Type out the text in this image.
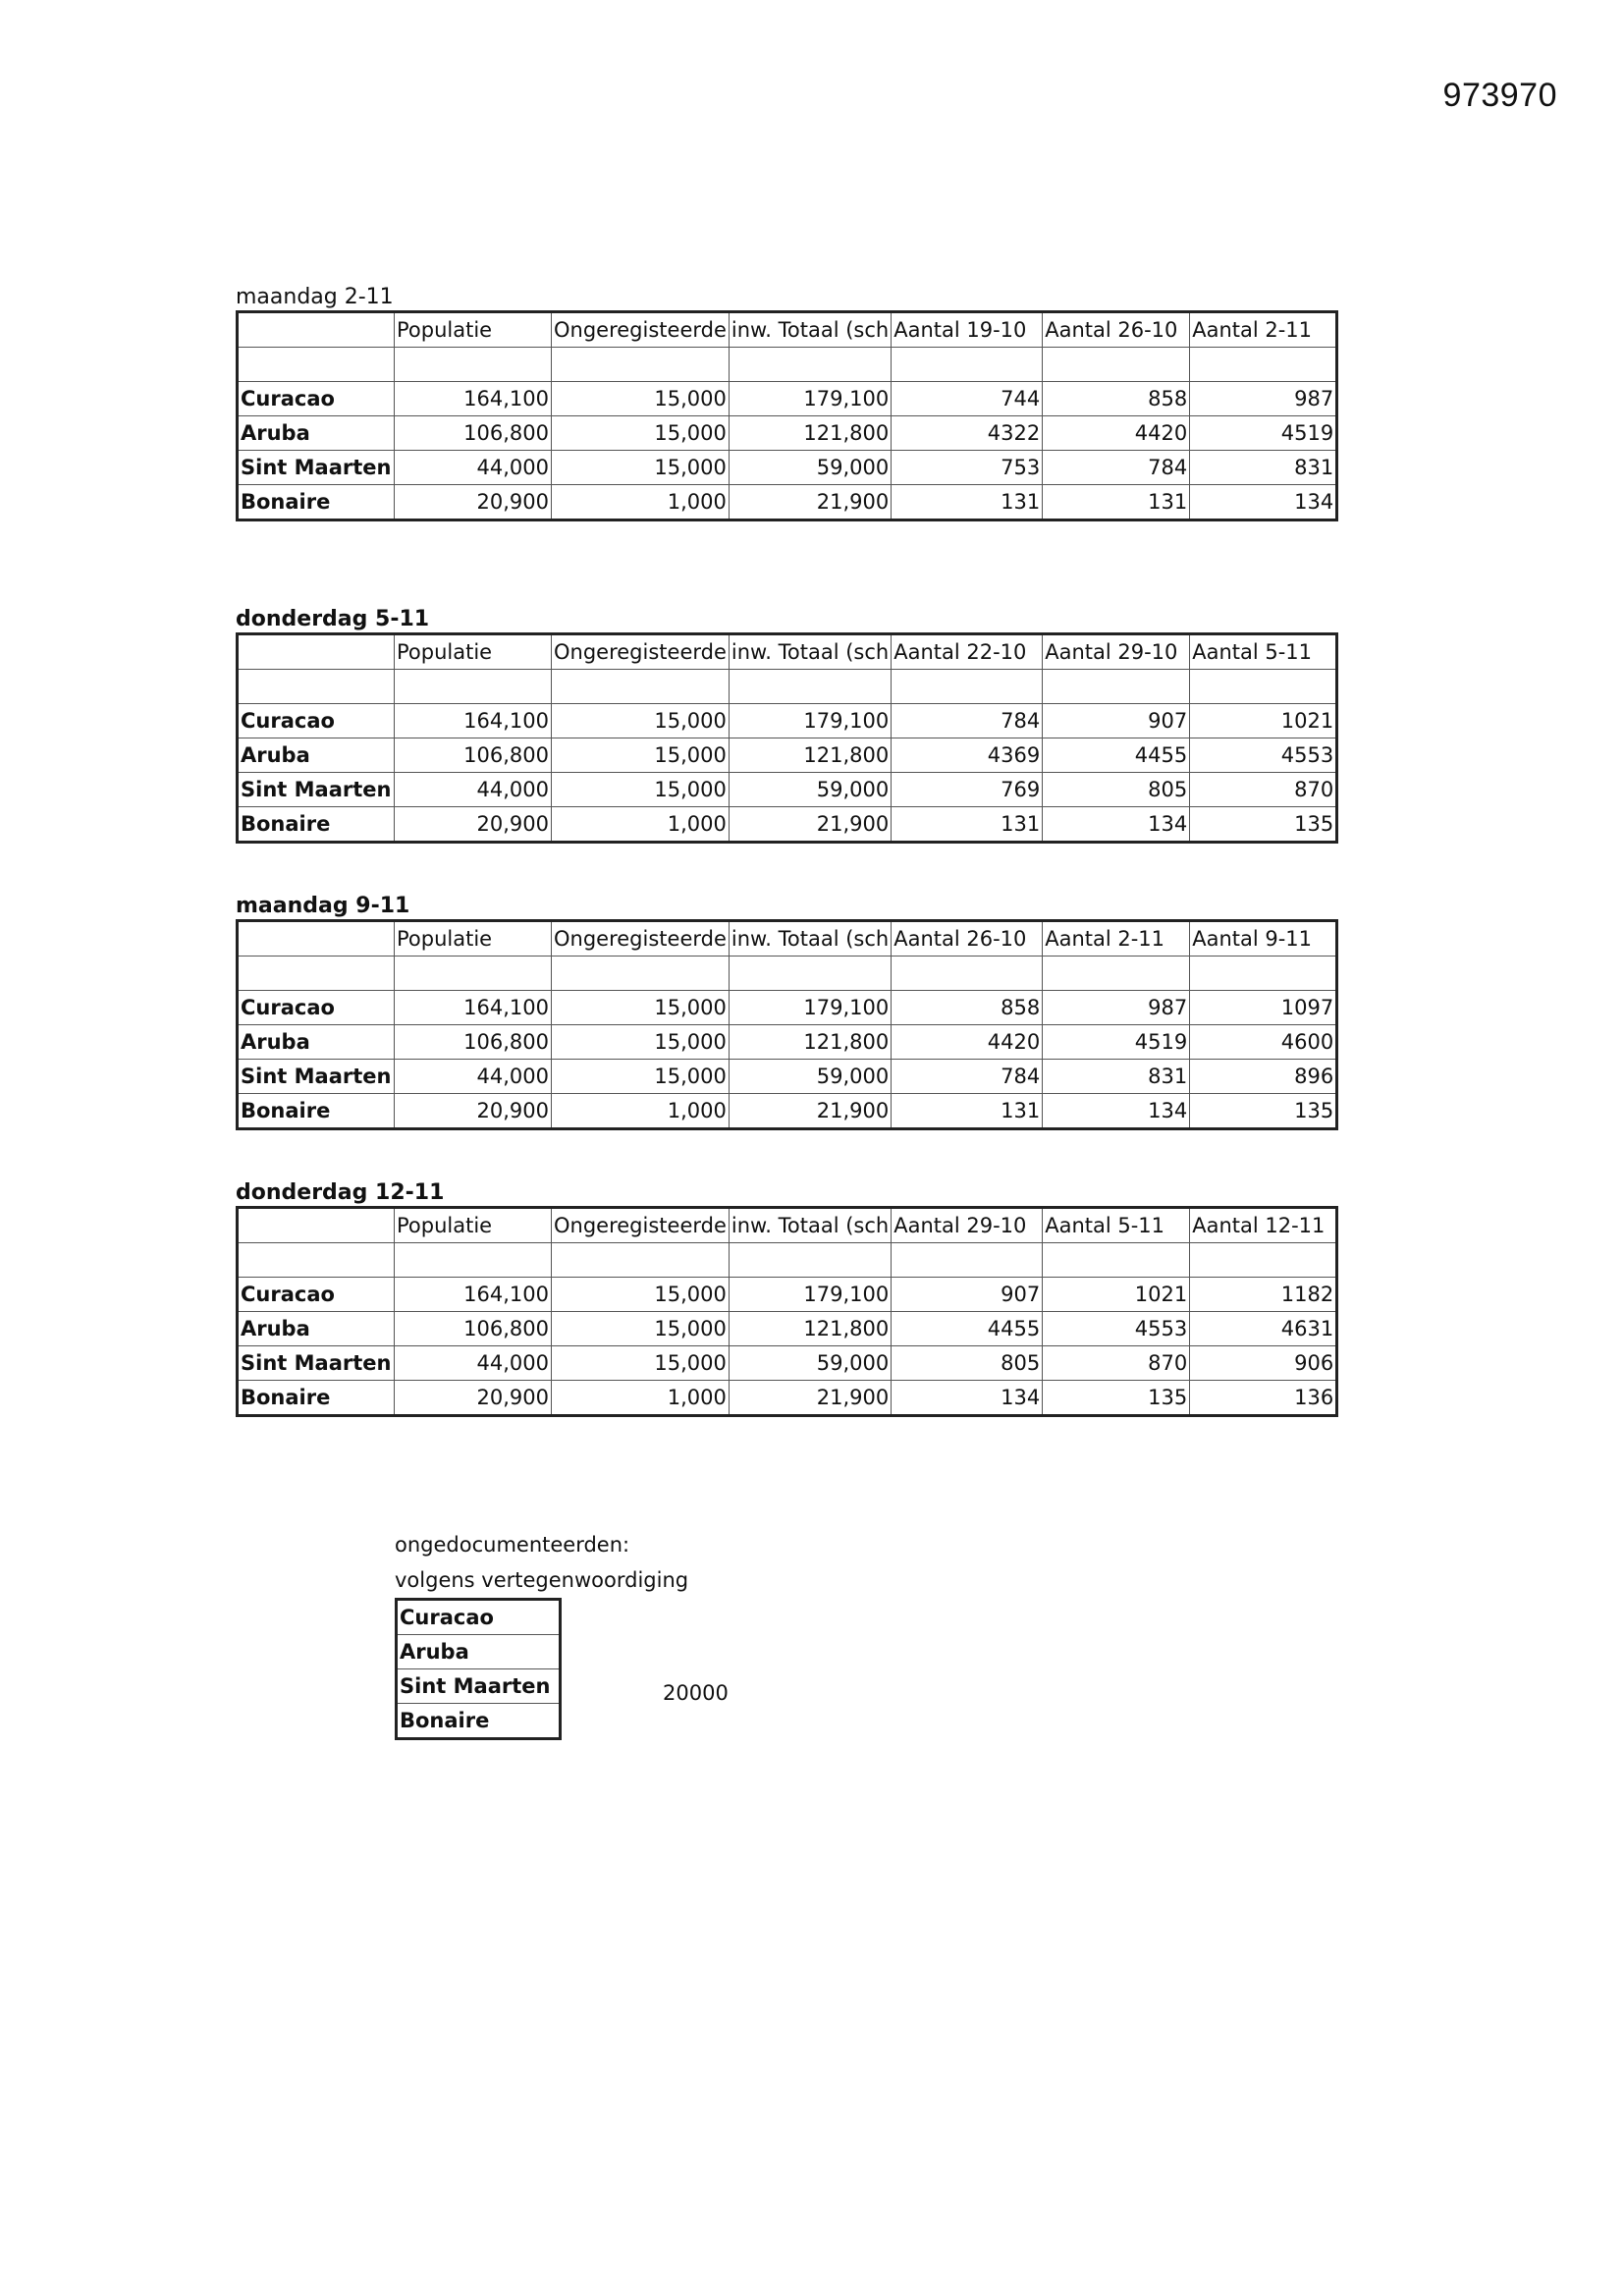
973970
maandag 2-11
	Populatie	Ongeregisteerde	inw. Totaal (sch	Aantal 19-10	Aantal 26-10	Aantal 2-11

Curacao	164,100	15,000	179,100	744	858	987
Aruba	106,800	15,000	121,800	4322	4420	4519
Sint Maarten	44,000	15,000	59,000	753	784	831
Bonaire	20,900	1,000	21,900	131	131	134
donderdag 5-11
	Populatie	Ongeregisteerde	inw. Totaal (sch	Aantal 22-10	Aantal 29-10	Aantal 5-11

Curacao	164,100	15,000	179,100	784	907	1021
Aruba	106,800	15,000	121,800	4369	4455	4553
Sint Maarten	44,000	15,000	59,000	769	805	870
Bonaire	20,900	1,000	21,900	131	134	135
maandag 9-11
	Populatie	Ongeregisteerde	inw. Totaal (sch	Aantal 26-10	Aantal 2-11	Aantal 9-11

Curacao	164,100	15,000	179,100	858	987	1097
Aruba	106,800	15,000	121,800	4420	4519	4600
Sint Maarten	44,000	15,000	59,000	784	831	896
Bonaire	20,900	1,000	21,900	131	134	135
donderdag 12-11
	Populatie	Ongeregisteerde	inw. Totaal (sch	Aantal 29-10	Aantal 5-11	Aantal 12-11

Curacao	164,100	15,000	179,100	907	1021	1182
Aruba	106,800	15,000	121,800	4455	4553	4631
Sint Maarten	44,000	15,000	59,000	805	870	906
Bonaire	20,900	1,000	21,900	134	135	136
ongedocumenteerden:
volgens vertegenwoordiging
Curacao
Aruba
Sint Maarten
Bonaire
20000
